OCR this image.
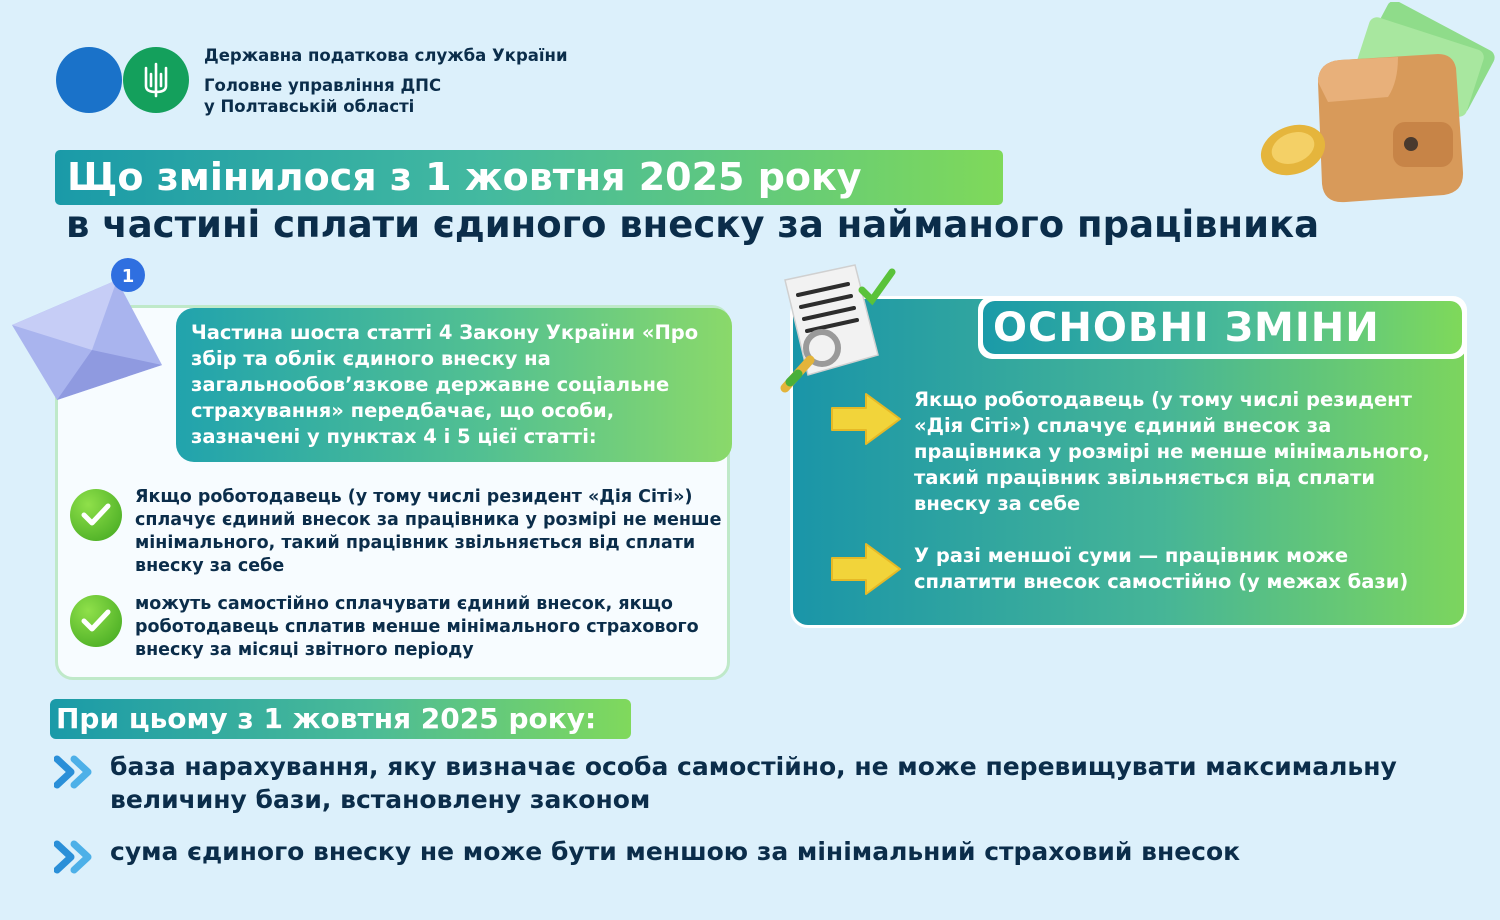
Державна податкова служба України
Головне управління ДПС
у Полтавській області
Що змінилося з 1 жовтня 2025 року
в частині сплати єдиного внеску за найманого працівника
Частина шоста статті 4 Закону України «Про збір та облік єдиного внеску на загальнообов’язкове державне соціальне страхування» передбачає, що особи, зазначені у пунктах 4 і 5 цієї статті:
1
Якщо роботодавець (у тому числі резидент «Дія Сіті») сплачує єдиний внесок за працівника у розмірі не менше мінімального, такий працівник звільняється від сплати внеску за себе
можуть самостійно сплачувати єдиний внесок, якщо роботодавець сплатив менше мінімального страхового внеску за місяці звітного періоду
ОСНОВНІ ЗМІНИ
Якщо роботодавець (у тому числі резидент «Дія Сіті») сплачує єдиний внесок за працівника у розмірі не менше мінімального, такий працівник звільняється від сплати внеску за себе
У разі меншої суми — працівник може сплатити внесок самостійно (у межах бази)
При цьому з 1 жовтня 2025 року:
база нарахування, яку визначає особа самостійно, не може перевищувати максимальну величину бази, встановлену законом
сума єдиного внеску не може бути меншою за мінімальний страховий внесок
